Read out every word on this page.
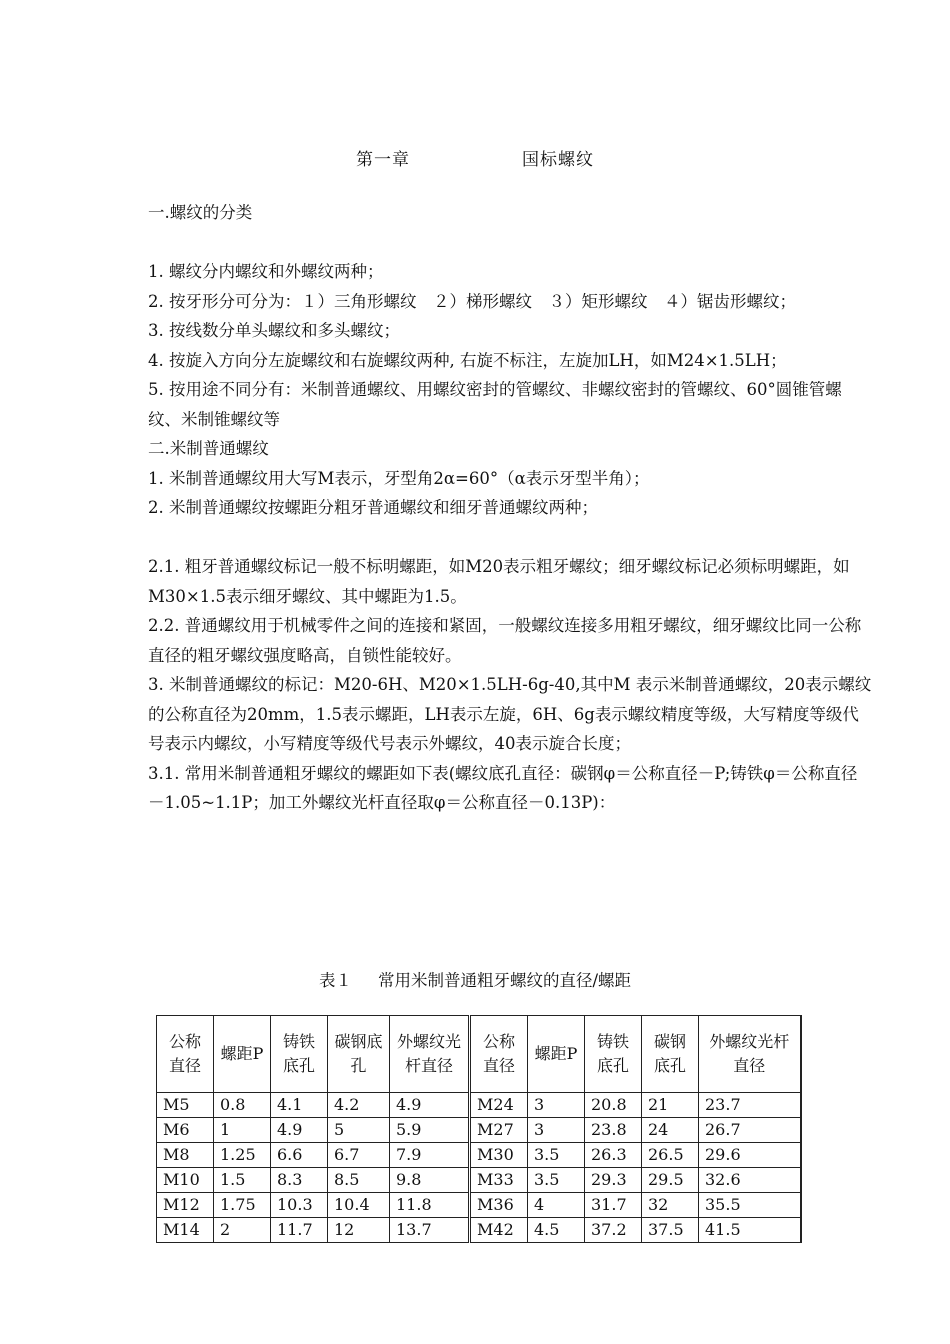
第一章	国标螺纹

一.螺纹的分类

1. 螺纹分内螺纹和外螺纹两种；

2. 按牙形分可分为：１）三角形螺纹　２）梯形螺纹　３）矩形螺纹　４）锯齿形螺纹；

3. 按线数分单头螺纹和多头螺纹；

4. 按旋入方向分左旋螺纹和右旋螺纹两种, 右旋不标注，左旋加LH，如M24×1.5LH；

5. 按用途不同分有：米制普通螺纹、用螺纹密封的管螺纹、非螺纹密封的管螺纹、60°圆锥管螺纹、米制锥螺纹等

二.米制普通螺纹

1. 米制普通螺纹用大写M表示，牙型角2α=60°（α表示牙型半角）；

2. 米制普通螺纹按螺距分粗牙普通螺纹和细牙普通螺纹两种；

2.1. 粗牙普通螺纹标记一般不标明螺距，如M20表示粗牙螺纹；细牙螺纹标记必须标明螺距，如M30×1.5表示细牙螺纹、其中螺距为1.5。

2.2. 普通螺纹用于机械零件之间的连接和紧固，一般螺纹连接多用粗牙螺纹，细牙螺纹比同一公称直径的粗牙螺纹强度略高，自锁性能较好。

3. 米制普通螺纹的标记：M20-6H、M20×1.5LH-6g-40,其中M 表示米制普通螺纹，20表示螺纹的公称直径为20mm，1.5表示螺距，LH表示左旋，6H、6g表示螺纹精度等级，大写精度等级代号表示内螺纹，小写精度等级代号表示外螺纹，40表示旋合长度；

3.1. 常用米制普通粗牙螺纹的螺距如下表(螺纹底孔直径：碳钢φ＝公称直径－P;铸铁φ＝公称直径－1.05~1.1P；加工外螺纹光杆直径取φ＝公称直径－0.13P)：

表１ 常用米制普通粗牙螺纹的直径/螺距
公称直径	螺距P	铸铁底孔	碳钢底孔	外螺纹光杆直径	公称直径	螺距P	铸铁底孔	碳钢底孔	外螺纹光杆直径
M5	0.8	4.1	4.2	4.9	M24	3	20.8	21	23.7
M6	1	4.9	5	5.9	M27	3	23.8	24	26.7
M8	1.25	6.6	6.7	7.9	M30	3.5	26.3	26.5	29.6
M10	1.5	8.3	8.5	9.8	M33	3.5	29.3	29.5	32.6
M12	1.75	10.3	10.4	11.8	M36	4	31.7	32	35.5
M14	2	11.7	12	13.7	M42	4.5	37.2	37.5	41.5
